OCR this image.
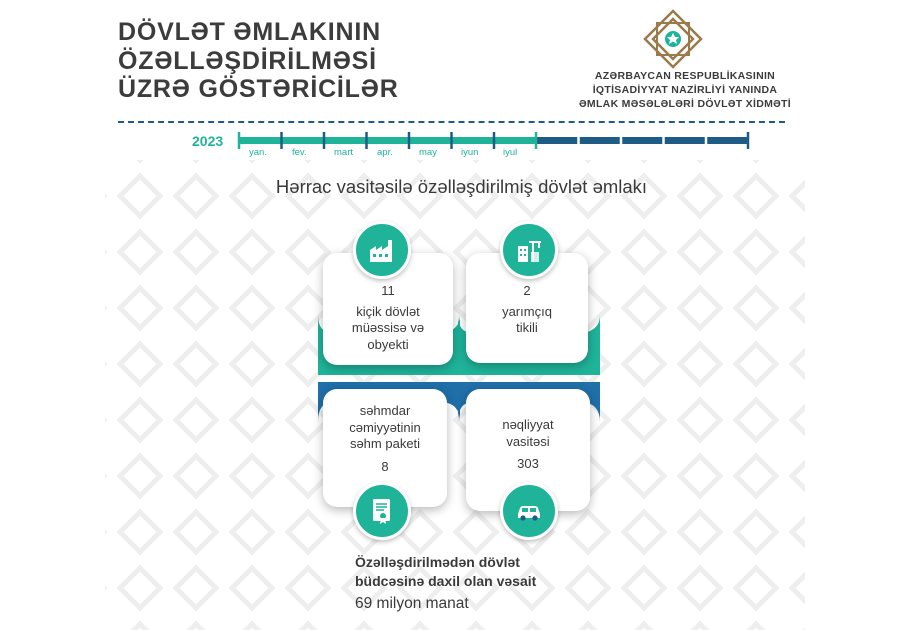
DÖVLƏT ƏMLAKININ
ÖZƏLLƏŞDİRİLMƏSİ
ÜZRƏ GÖSTƏRİCİLƏR	AZƏRBAYCAN RESPUBLİKASININ
İQTİSADİYYAT NAZİRLİYİ YANINDA
ƏMLAK MƏSƏLƏLƏRİ DÖVLƏT XİDMƏTİ
2023
yan.	fev.	mart	apr.	may	iyun	iyul
Hərrac vasitəsilə özəlləşdirilmiş dövlət əmlakı
11
kiçik dövlət
müəssisə və
obyekti
2
yarımçıq
tikili
səhmdar
cəmiyyətinin
səhm paketi
8
nəqliyyat
vasitəsi
303
Özəlləşdirilmədən dövlət
büdcəsinə daxil olan vəsait
69 milyon manat
